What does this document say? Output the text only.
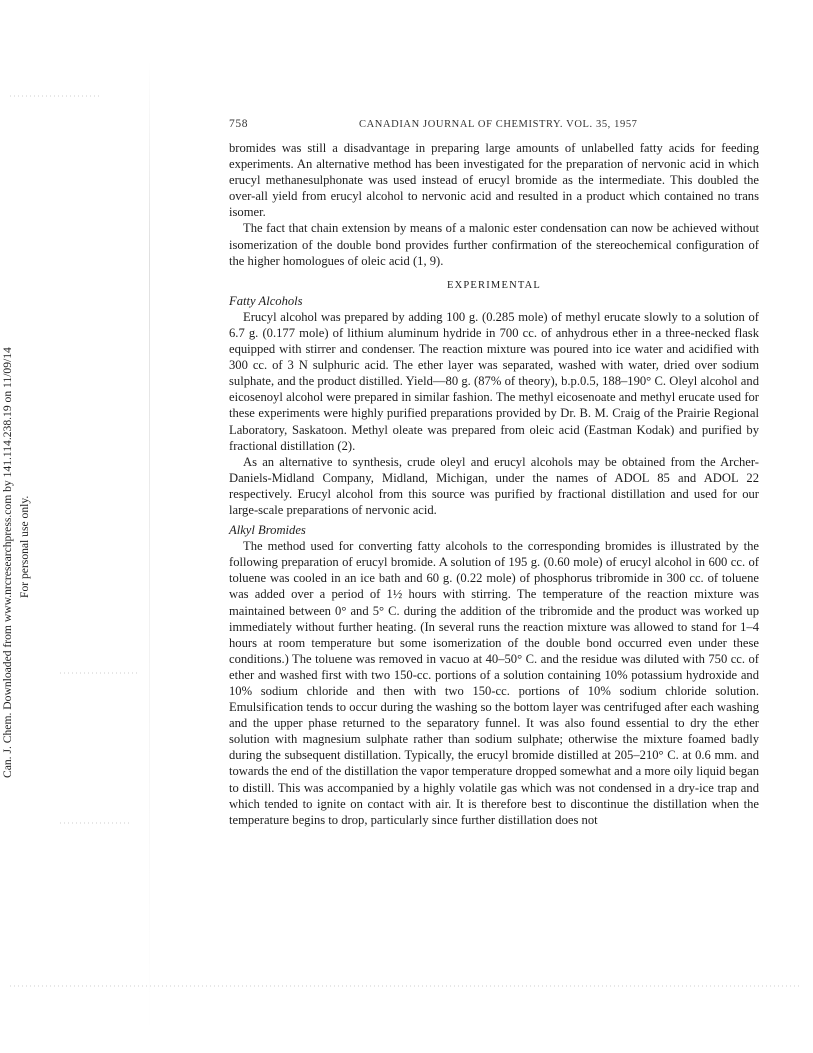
Can. J. Chem. Downloaded from www.nrcresearchpress.com by 141.114.238.19 on 11/09/14 For personal use only.
758	CANADIAN JOURNAL OF CHEMISTRY. VOL. 35, 1957

bromides was still a disadvantage in preparing large amounts of unlabelled fatty acids for feeding experiments. An alternative method has been investigated for the preparation of nervonic acid in which erucyl methanesulphonate was used instead of erucyl bromide as the intermediate. This doubled the over-all yield from erucyl alcohol to nervonic acid and resulted in a product which contained no trans isomer.

The fact that chain extension by means of a malonic ester condensation can now be achieved without isomerization of the double bond provides further confirmation of the stereochemical configuration of the higher homologues of oleic acid (1, 9).

EXPERIMENTAL
Fatty Alcohols

Erucyl alcohol was prepared by adding 100 g. (0.285 mole) of methyl erucate slowly to a solution of 6.7 g. (0.177 mole) of lithium aluminum hydride in 700 cc. of anhydrous ether in a three-necked flask equipped with stirrer and condenser. The reaction mixture was poured into ice water and acidified with 300 cc. of 3 N sulphuric acid. The ether layer was separated, washed with water, dried over sodium sulphate, and the product distilled. Yield—80 g. (87% of theory), b.p.0.5, 188–190° C. Oleyl alcohol and eicosenoyl alcohol were prepared in similar fashion. The methyl eicosenoate and methyl erucate used for these experiments were highly purified preparations provided by Dr. B. M. Craig of the Prairie Regional Laboratory, Saskatoon. Methyl oleate was prepared from oleic acid (Eastman Kodak) and purified by fractional distillation (2).

As an alternative to synthesis, crude oleyl and erucyl alcohols may be obtained from the Archer-Daniels-Midland Company, Midland, Michigan, under the names of ADOL 85 and ADOL 22 respectively. Erucyl alcohol from this source was purified by fractional distillation and used for our large-scale preparations of nervonic acid.

Alkyl Bromides

The method used for converting fatty alcohols to the corresponding bromides is illustrated by the following preparation of erucyl bromide. A solution of 195 g. (0.60 mole) of erucyl alcohol in 600 cc. of toluene was cooled in an ice bath and 60 g. (0.22 mole) of phosphorus tribromide in 300 cc. of toluene was added over a period of 1½ hours with stirring. The temperature of the reaction mixture was maintained between 0° and 5° C. during the addition of the tribromide and the product was worked up immediately without further heating. (In several runs the reaction mixture was allowed to stand for 1–4 hours at room temperature but some isomerization of the double bond occurred even under these conditions.) The toluene was removed in vacuo at 40–50° C. and the residue was diluted with 750 cc. of ether and washed first with two 150-cc. portions of a solution containing 10% potassium hydroxide and 10% sodium chloride and then with two 150-cc. portions of 10% sodium chloride solution. Emulsification tends to occur during the washing so the bottom layer was centrifuged after each washing and the upper phase returned to the separatory funnel. It was also found essential to dry the ether solution with magnesium sulphate rather than sodium sulphate; otherwise the mixture foamed badly during the subsequent distillation. Typically, the erucyl bromide distilled at 205–210° C. at 0.6 mm. and towards the end of the distillation the vapor temperature dropped somewhat and a more oily liquid began to distill. This was accompanied by a highly volatile gas which was not condensed in a dry-ice trap and which tended to ignite on contact with air. It is therefore best to discontinue the distillation when the temperature begins to drop, particularly since further distillation does not
